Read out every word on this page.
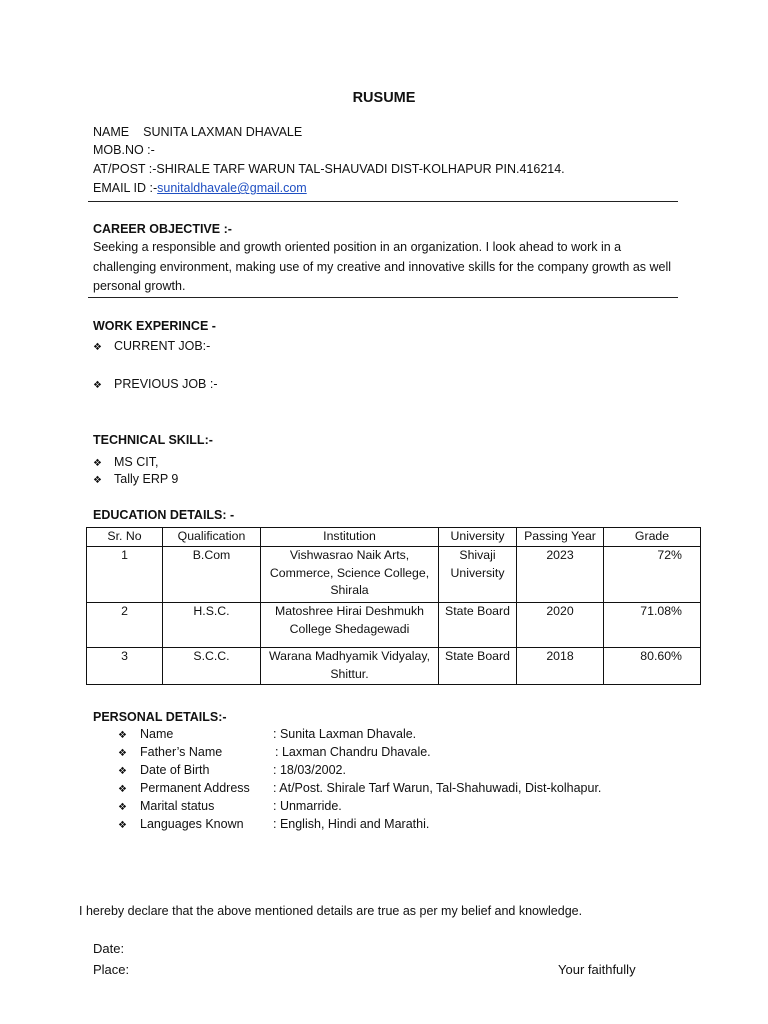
RUSUME
NAME SUNITA LAXMAN DHAVALE
MOB.NO :-
AT/POST :-SHIRALE TARF WARUN TAL-SHAUVADI DIST-KOLHAPUR PIN.416214.
EMAIL ID :-sunitaldhavale@gmail.com
CAREER OBJECTIVE :-
Seeking a responsible and growth oriented position in an organization. I look ahead to work in a challenging environment, making use of my creative and innovative skills for the company growth as well personal growth.
WORK EXPERINCE -
❖ CURRENT JOB:-
❖ PREVIOUS JOB :-
TECHNICAL SKILL:-
❖ MS CIT,
❖ Tally ERP 9
EDUCATION DETAILS: -
Sr. No	Qualification	Institution	University	Passing Year	Grade
1	B.Com	Vishwasrao Naik Arts, Commerce, Science College, Shirala	Shivaji University	2023	72%
2	H.S.C.	Matoshree Hirai Deshmukh College Shedagewadi	State Board	2020	71.08%
3	S.C.C.	Warana Madhyamik Vidyalay, Shittur.	State Board	2018	80.60%
PERSONAL DETAILS:-
❖ Name	: Sunita Laxman Dhavale.
❖ Father’s Name	: Laxman Chandru Dhavale.
❖ Date of Birth	: 18/03/2002.
❖ Permanent Address : At/Post. Shirale Tarf Warun, Tal-Shahuwadi, Dist-kolhapur.
❖ Marital status	: Unmarride.
❖ Languages Known : English, Hindi and Marathi.
I hereby declare that the above mentioned details are true as per my belief and knowledge.
Date:
Place:	Your faithfully
